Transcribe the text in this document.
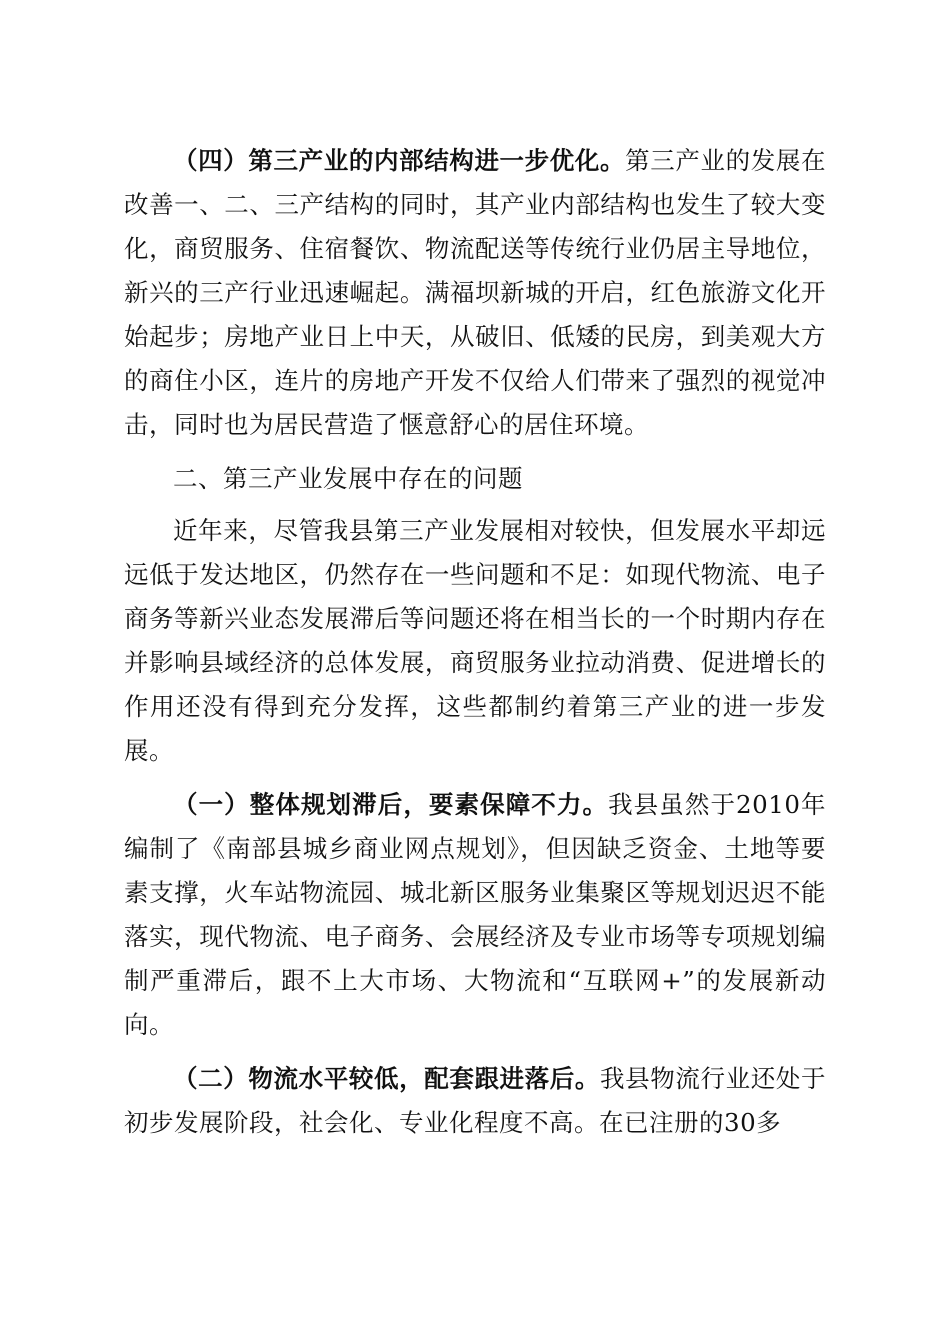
（四）第三产业的内部结构进一步优化。第三产业的发展在改善一、二、三产结构的同时，其产业内部结构也发生了较大变化，商贸服务、住宿餐饮、物流配送等传统行业仍居主导地位，新兴的三产行业迅速崛起。满福坝新城的开启，红色旅游文化开始起步；房地产业日上中天，从破旧、低矮的民房，到美观大方的商住小区，连片的房地产开发不仅给人们带来了强烈的视觉冲击，同时也为居民营造了惬意舒心的居住环境。

二、第三产业发展中存在的问题

近年来，尽管我县第三产业发展相对较快，但发展水平却远远低于发达地区，仍然存在一些问题和不足：如现代物流、电子商务等新兴业态发展滞后等问题还将在相当长的一个时期内存在并影响县域经济的总体发展，商贸服务业拉动消费、促进增长的作用还没有得到充分发挥，这些都制约着第三产业的进一步发展。

（一）整体规划滞后，要素保障不力。我县虽然于2010年编制了《南部县城乡商业网点规划》，但因缺乏资金、土地等要素支撑，火车站物流园、城北新区服务业集聚区等规划迟迟不能落实，现代物流、电子商务、会展经济及专业市场等专项规划编制严重滞后，跟不上大市场、大物流和“互联网+”的发展新动向。

（二）物流水平较低，配套跟进落后。我县物流行业还处于初步发展阶段，社会化、专业化程度不高。在已注册的30多
